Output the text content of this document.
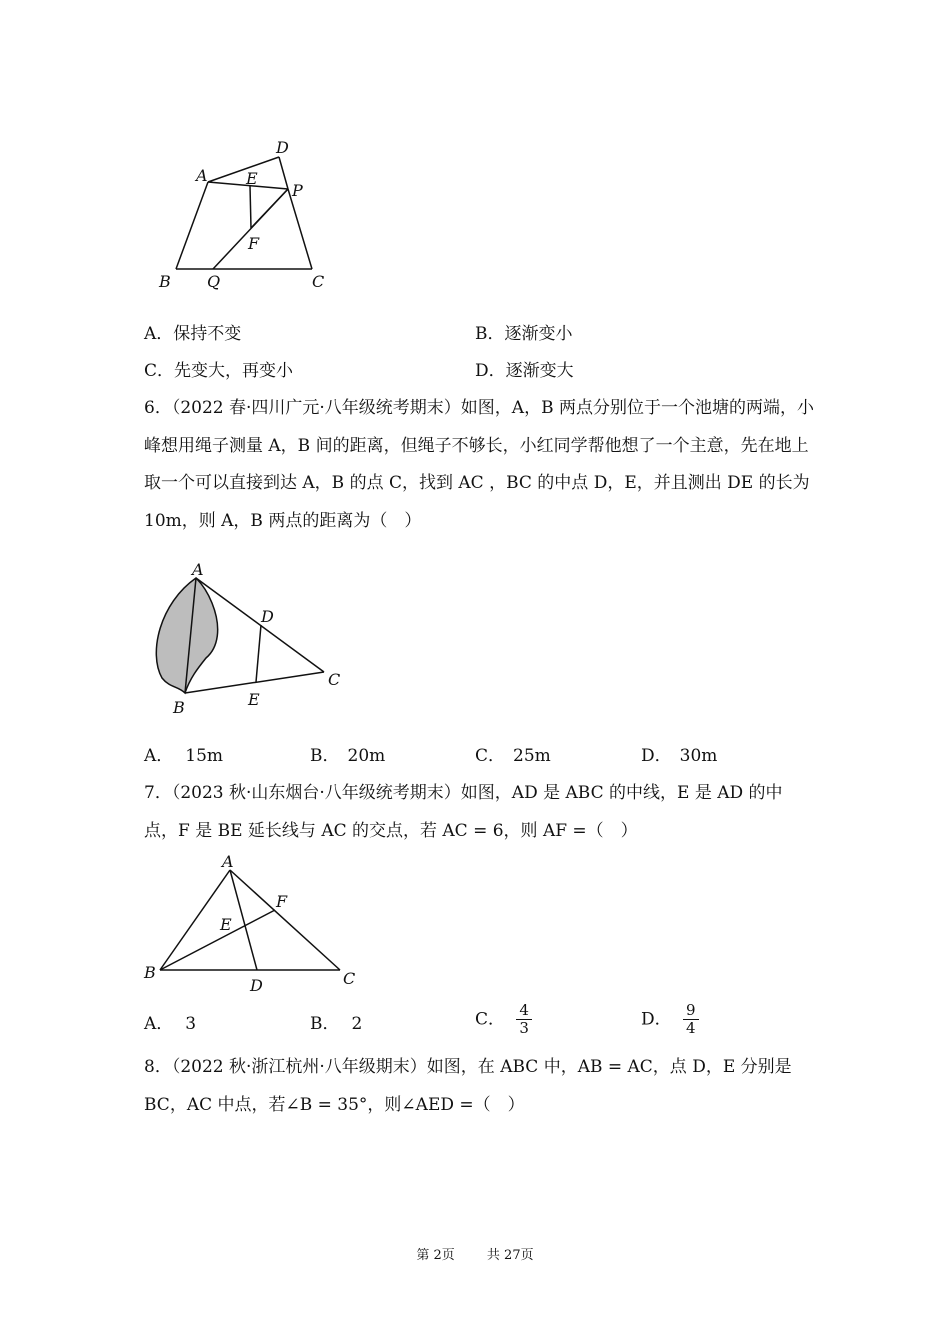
D
A E
P
F
B Q	C
A．保持不变	B．逐渐变小
C．先变大，再变小	D．逐渐变大
6．（2022 春·四川广元·八年级统考期末）如图，A，B 两点分别位于一个池塘的两端，小峰想用绳子测量 A，B 间的距离，但绳子不够长，小红同学帮他想了一个主意，先在地上取一个可以直接到达 A，B 的点 C，找到 AC ，BC 的中点 D，E，并且测出 DE 的长为10m，则 A，B 两点的距离为（　）
A
D
C
E
B
A． 15m	B． 20m	C． 25m	D． 30m
7．（2023 秋·山东烟台·八年级统考期末）如图，AD 是 ABC 的中线，E 是 AD 的中点，F 是 BE 延长线与 AC 的交点，若 AC = 6，则 AF =（　）
A
F
E
B	C
D
A． 3	B． 2	C． $\frac{4}{3}$	D． $\frac{9}{4}$
8．（2022 秋·浙江杭州·八年级期末）如图，在 ABC 中，AB = AC，点 D，E 分别是 BC，AC 中点，若∠B = 35°，则∠AED =（　）
第 2页 共 27页
